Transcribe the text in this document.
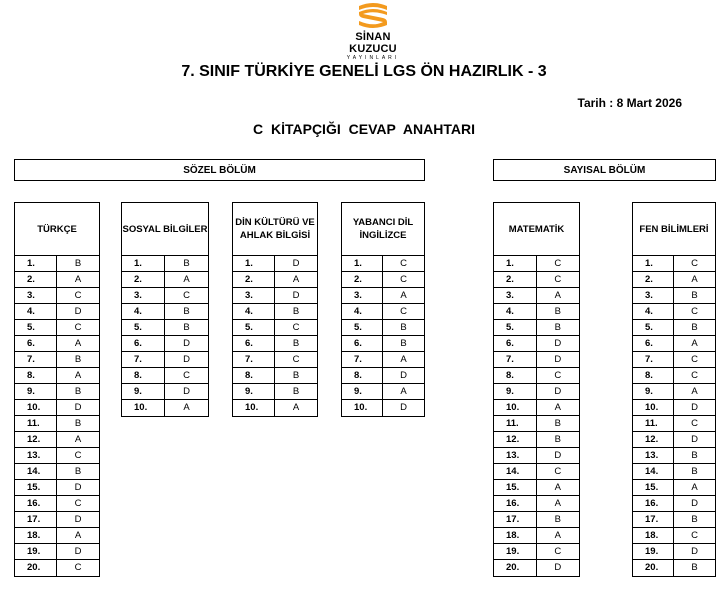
SİNAN KUZUCU
YAYINLARI
7. SINIF TÜRKİYE GENELİ LGS ÖN HAZIRLIK - 3
Tarih : 8 Mart 2026
C KİTAPÇIĞI CEVAP ANAHTARI
SÖZEL BÖLÜM	SAYISAL BÖLÜM
TÜRKÇE
1.	B
2.	A
3.	C
4.	D
5.	C
6.	A
7.	B
8.	A
9.	B
10.	D
11.	B
12.	A
13.	C
14.	B
15.	D
16.	C
17.	D
18.	A
19.	D
20.	C
SOSYAL BİLGİLER
1.	B
2.	A
3.	C
4.	B
5.	B
6.	D
7.	D
8.	C
9.	D
10.	A
DİN KÜLTÜRÜ VE AHLAK BİLGİSİ
1.	D
2.	A
3.	D
4.	B
5.	C
6.	B
7.	C
8.	B
9.	B
10.	A
YABANCI DİL İNGİLİZCE
1.	C
2.	C
3.	A
4.	C
5.	B
6.	B
7.	A
8.	D
9.	A
10.	D
MATEMATİK
1.	C
2.	C
3.	A
4.	B
5.	B
6.	D
7.	D
8.	C
9.	D
10.	A
11.	B
12.	B
13.	D
14.	C
15.	A
16.	A
17.	B
18.	A
19.	C
20.	D
FEN BİLİMLERİ
1.	C
2.	A
3.	B
4.	C
5.	B
6.	A
7.	C
8.	C
9.	A
10.	D
11.	C
12.	D
13.	B
14.	B
15.	A
16.	D
17.	B
18.	C
19.	D
20.	B
